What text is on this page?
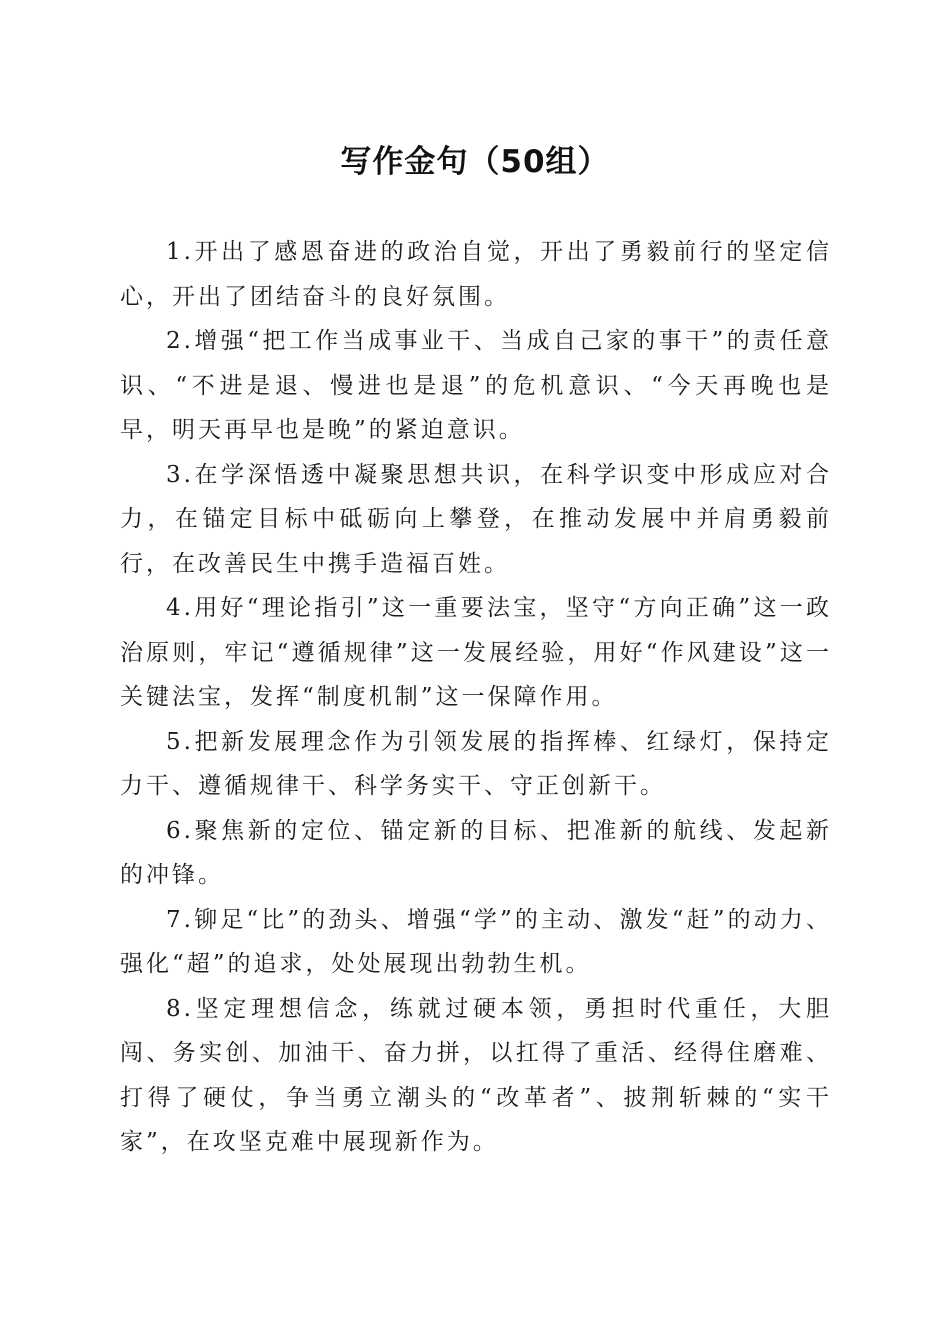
写作金句（50组）

1.开出了感恩奋进的政治自觉，开出了勇毅前行的坚定信心，开出了团结奋斗的良好氛围。

2.增强“把工作当成事业干、当成自己家的事干”的责任意识、“不进是退、慢进也是退”的危机意识、“今天再晚也是早，明天再早也是晚”的紧迫意识。

3.在学深悟透中凝聚思想共识，在科学识变中形成应对合力，在锚定目标中砥砺向上攀登，在推动发展中并肩勇毅前行，在改善民生中携手造福百姓。

4.用好“理论指引”这一重要法宝，坚守“方向正确”这一政治原则，牢记“遵循规律”这一发展经验，用好“作风建设”这一关键法宝，发挥“制度机制”这一保障作用。

5.把新发展理念作为引领发展的指挥棒、红绿灯，保持定力干、遵循规律干、科学务实干、守正创新干。

6.聚焦新的定位、锚定新的目标、把准新的航线、发起新的冲锋。

7.铆足“比”的劲头、增强“学”的主动、激发“赶”的动力、强化“超”的追求，处处展现出勃勃生机。

8.坚定理想信念，练就过硬本领，勇担时代重任，大胆闯、务实创、加油干、奋力拼，以扛得了重活、经得住磨难、打得了硬仗，争当勇立潮头的“改革者”、披荆斩棘的“实干家”，在攻坚克难中展现新作为。
